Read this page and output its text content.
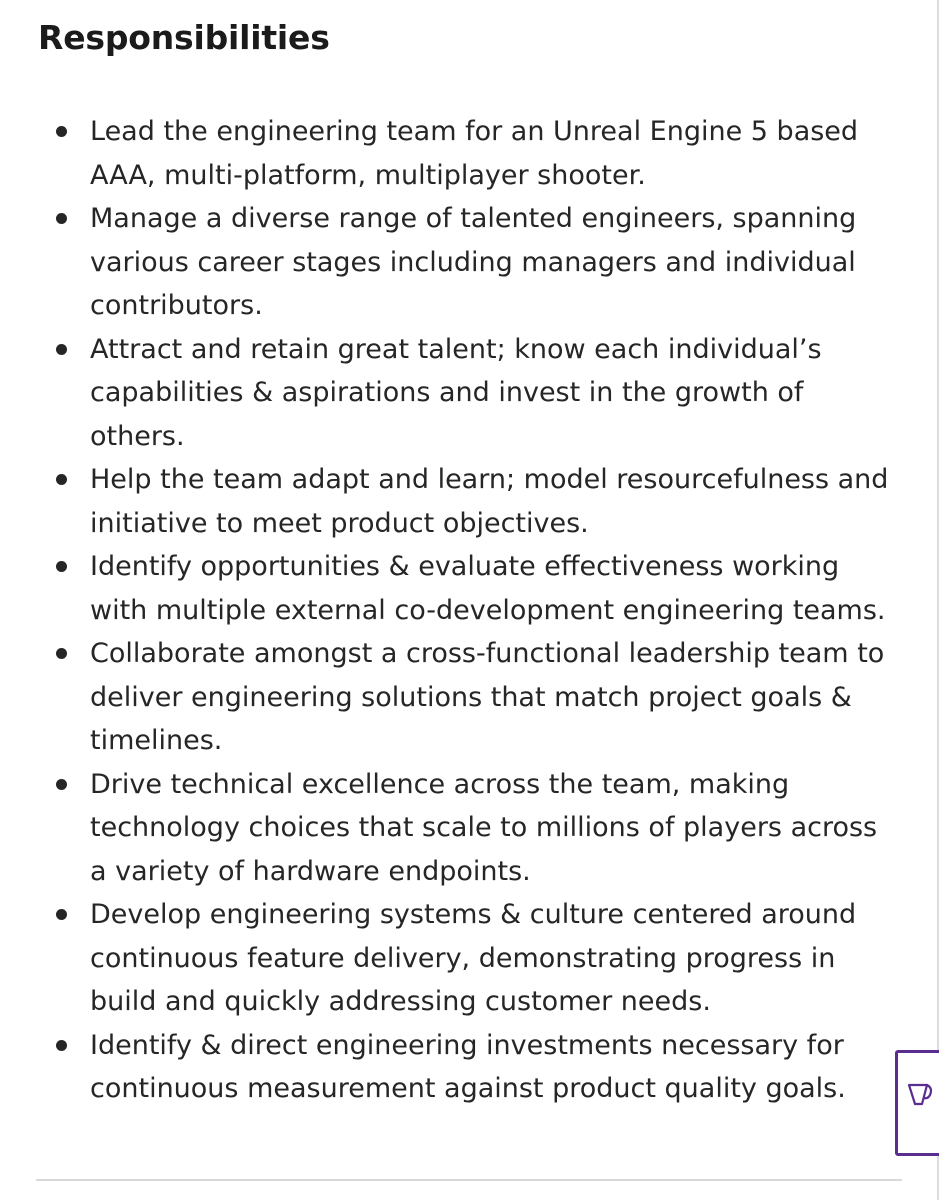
Responsibilities
Lead the engineering team for an Unreal Engine 5 based AAA, multi-platform, multiplayer shooter.
Manage a diverse range of talented engineers, spanning various career stages including managers and individual contributors.
Attract and retain great talent; know each individual’s capabilities & aspirations and invest in the growth of others.
Help the team adapt and learn; model resourcefulness and initiative to meet product objectives.
Identify opportunities & evaluate effectiveness working with multiple external co-development engineering teams.
Collaborate amongst a cross-functional leadership team to deliver engineering solutions that match project goals & timelines.
Drive technical excellence across the team, making technology choices that scale to millions of players across a variety of hardware endpoints.
Develop engineering systems & culture centered around continuous feature delivery, demonstrating progress in build and quickly addressing customer needs.
Identify & direct engineering investments necessary for continuous measurement against product quality goals.
